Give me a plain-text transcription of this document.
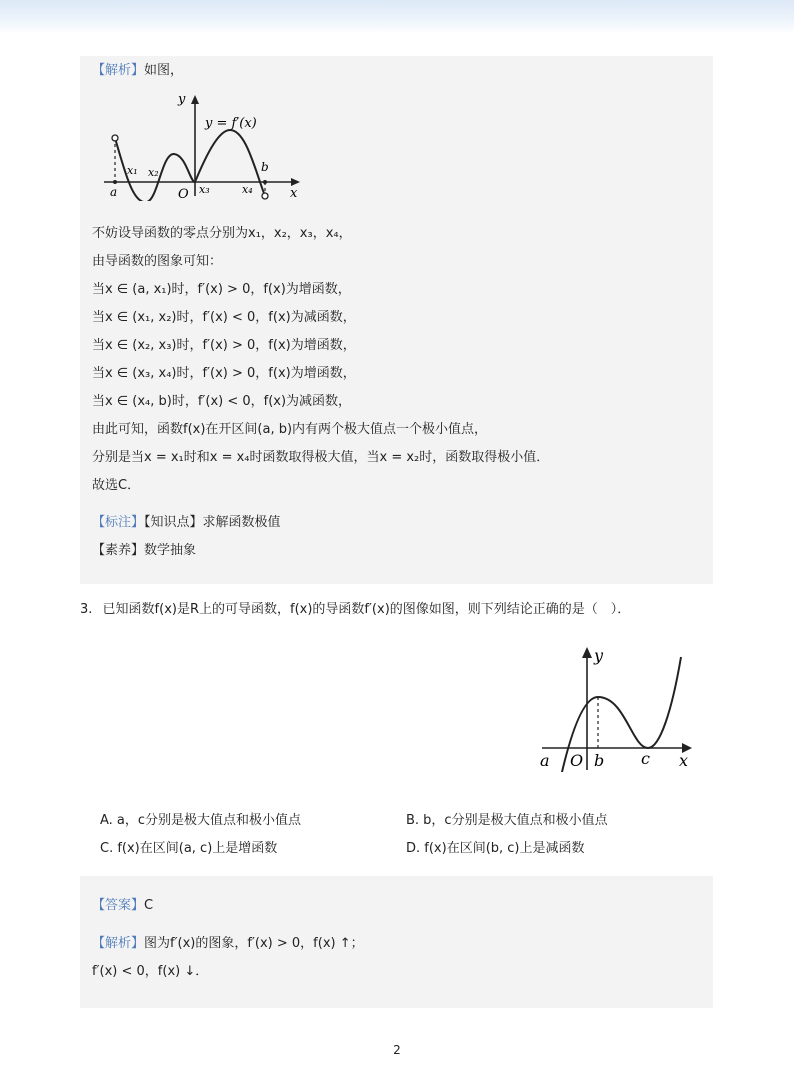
【解析】如图，
y
x
y = f′(x)
a
b
O
x₁ x₂
x₃	x₄
不妨设导函数的零点分别为x₁，x₂，x₃，x₄，
由导函数的图象可知：
当x ∈ (a, x₁)时，f′(x) > 0，f(x)为增函数，
当x ∈ (x₁, x₂)时，f′(x) < 0，f(x)为减函数，
当x ∈ (x₂, x₃)时，f′(x) > 0，f(x)为增函数，
当x ∈ (x₃, x₄)时，f′(x) > 0，f(x)为增函数，
当x ∈ (x₄, b)时，f′(x) < 0，f(x)为减函数，
由此可知，函数f(x)在开区间(a, b)内有两个极大值点一个极小值点，
分别是当x = x₁时和x = x₄时函数取得极大值，当x = x₂时，函数取得极小值．
故选C．
【标注】【知识点】求解函数极值
【素养】数学抽象
3. 已知函数f(x)是R上的可导函数，f(x)的导函数f′(x)的图像如图，则下列结论正确的是（　）．
y
x
a O b c
A. a，c分别是极大值点和极小值点	B. b，c分别是极大值点和极小值点
C. f(x)在区间(a, c)上是增函数	D. f(x)在区间(b, c)上是减函数
【答案】C
【解析】图为f′(x)的图象，f′(x) > 0，f(x) ↑；
f′(x) < 0，f(x) ↓．
2
